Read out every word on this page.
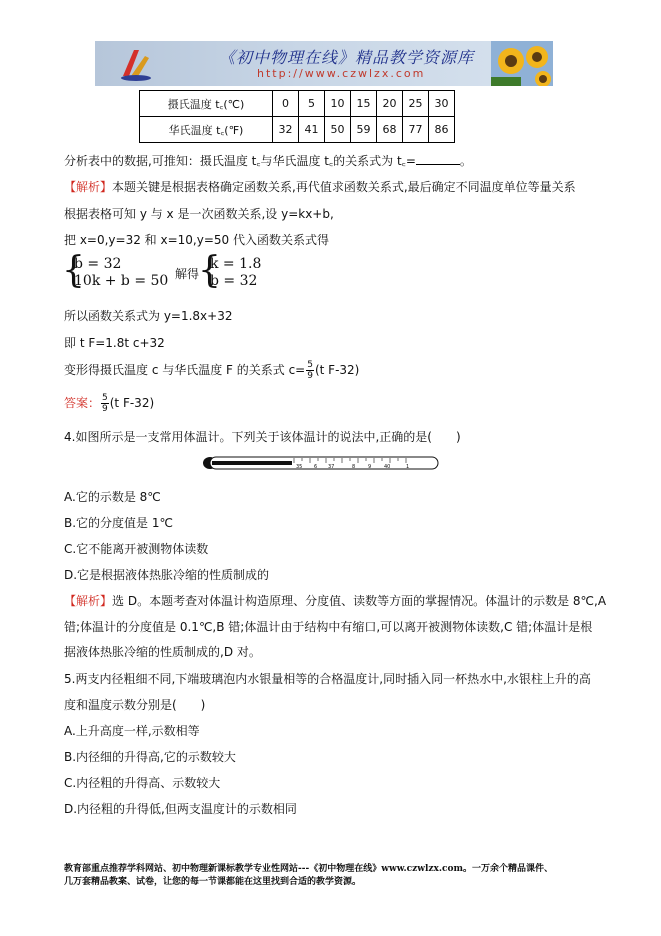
《初中物理在线》精品教学资源库
http://www.czwlzx.com
摄氏温度 t꜀(℃)	0	5	10	15	20	25	30
华氏温度 t꜀(℉)	32	41	50	59	68	77	86
分析表中的数据,可推知：摄氏温度 t꜀与华氏温度 t꜀的关系式为 t꜀=	。
【解析】本题关键是根据表格确定函数关系,再代值求函数关系式,最后确定不同温度单位等量关系
根据表格可知 y 与 x 是一次函数关系,设 y=kx+b,
把 x=0,y=32 和 x=10,y=50 代入函数关系式得
{
b = 32
10k + b = 50 解得
{
k = 1.8
b = 32
所以函数关系式为 y=1.8x+32
即 t F=1.8t c+32
变形得摄氏温度 c 与华氏温度 F 的关系式 $c= \frac{5}{9} (t$ F-32)
答案： $\frac{5}{9} (t$ F-32)
4.如图所示是一支常用体温计。下列关于该体温计的说法中,正确的是(　　)
35 6 37	8	9	40	1
A.它的示数是 8℃
B.它的分度值是 1℃
C.它不能离开被测物体读数
D.它是根据液体热胀冷缩的性质制成的
【解析】选 D。本题考查对体温计构造原理、分度值、读数等方面的掌握情况。体温计的示数是 8℃,A
错;体温计的分度值是 0.1℃,B 错;体温计由于结构中有缩口,可以离开被测物体读数,C 错;体温计是根
据液体热胀冷缩的性质制成的,D 对。
5.两支内径粗细不同,下端玻璃泡内水银量相等的合格温度计,同时插入同一杯热水中,水银柱上升的高
度和温度示数分别是(　　)
A.上升高度一样,示数相等
B.内径细的升得高,它的示数较大
C.内径粗的升得高、示数较大
D.内径粗的升得低,但两支温度计的示数相同
教育部重点推荐学科网站、初中物理新课标教学专业性网站---《初中物理在线》www.czwlzx.com。一万余个精品课件、
几万套精品教案、试卷，让您的每一节课都能在这里找到合适的教学资源。
